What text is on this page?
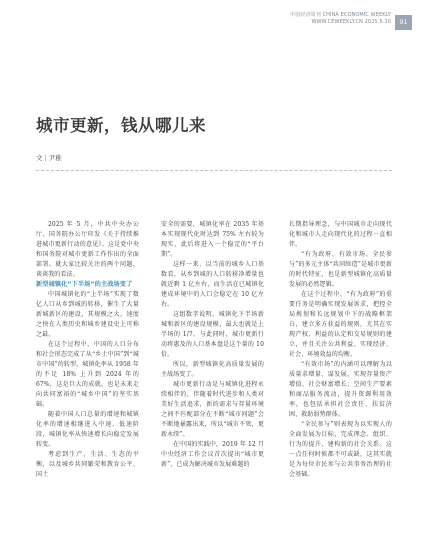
中国经济周刊 CHINA ECONOMIC WEEKLY
WWW.CEWEEKLY.CN 2025.6.30	91
城市更新，钱从哪儿来
文 | 尹稚

2025 年 5 月，中共中央办公厅、国务院办公厅印发《关于持续推进城市更新行动的意见》。这是党中央和国务院对城市更新工作作出的全面部署。就大家比较关注的两个问题，谈谈我的看法。

新型城镇化“下半场”的主战场变了

中国城镇化的“上半场”实现了数亿人口从乡到城的转移，催生了大量新城新区的建设，其规模之大、速度之快在人类历史和城乡建设史上可称之最。

在这个过程中，中国的人口分布和社会形态完成了从“乡土中国”到“城市中国”的转型。城镇化率从 1958 年的不足 18% 上升到 2024 年的 67%，这是巨大的成就。也是未来走向共同富裕的“城乡中国”的坚实基础。

随着中国人口总量的增速和城镇化率的增速相继进入中速、低速阶段，城镇化率从快速增长向稳定发展转变。

考虑到生产、生活、生态的平衡，以及城乡共同繁荣和教育公平、国土

安全的需要，城镇化率在 2035 年基本实现现代化时达到 75% 左右较为现实，此后将进入一个稳定的“平台期”。

这样一来，以当前的城乡人口基数看，从乡到城的人口转移净增量也就近剩 1 亿左右，而生活在已城镇化建成环境中的人口会稳定在 10 亿左右。

这组数字说明，城镇化下半场新城和新区的建设规模，最大也就是上半场的 1/7。与此同时，城市更新行动将惠及的人口基本盘是这个量的 10 倍。

所以，新型城镇化高质量发展的主战场变了。

城市更新行动是与城镇化进程永续相伴的，伴随着时代进步和人类对美好生活追求，新的需求与存量环境之间不匹配部分在不断“城市问题”会不断地暴露出来，所以“城市不死，更新永续”。

在中国的实践中，2019 年 12 月中央经济工作会议首次提出“城市更新”，已成为解决城市发展难题的

长期指导理念，与中国城市走向现代化和城市人走向现代化的过程一直相伴。

“有为政府、有效市场、全民参与”的多元主体“共同缔造”是城市更新的时代特征，也是新型城镇化高质量发展的必然逻辑。

在这个过程中，“有为政府”的重要任务是明确实现发展诉求，把控全局规划和长远规划中下的战略框架白，建立多方获益的规则，尤其在实现产权、利益的认定和交易规则的建立，并且关注公共利益、实现经济、社会、环境效益的均衡。

“有效市场”的内涵可以理解为以质量求增量、谋发展，实现存量资产增值、社会财富增长；空间生产要素和商品服务流动，提升资源利用效率，也包括承担社会责任、扶贫济困、救助弱势群体。

“全民参与”则表现为以实现人的全面发展为目标，完成理念、组织、行为的提升，建构新的社会关系。这一点任何时候都不可或缺，这其实就是为每位市民参与公共事务治理的社会基础。
